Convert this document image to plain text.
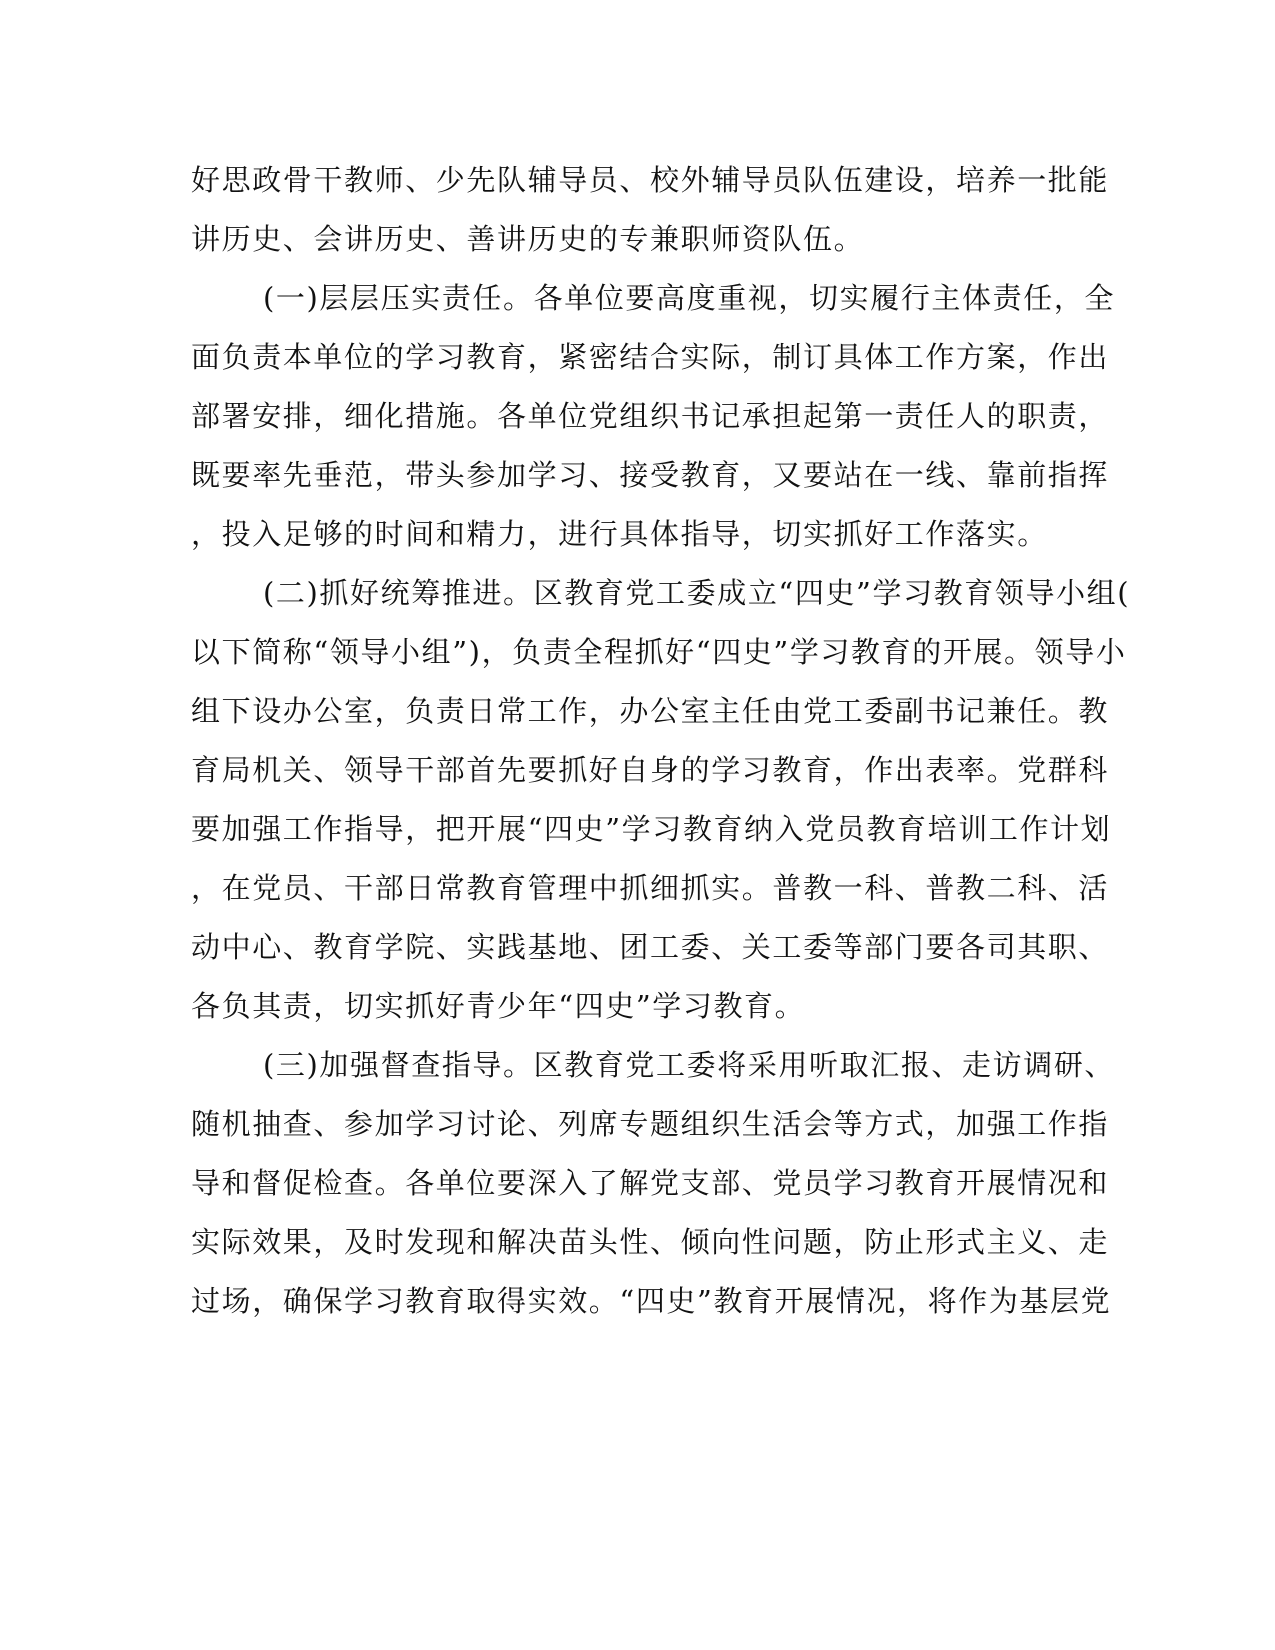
好思政骨干教师、少先队辅导员、校外辅导员队伍建设，培养一批能
讲历史、会讲历史、善讲历史的专兼职师资队伍。
(一)层层压实责任。各单位要高度重视，切实履行主体责任，全
面负责本单位的学习教育，紧密结合实际，制订具体工作方案，作出
部署安排，细化措施。各单位党组织书记承担起第一责任人的职责，
既要率先垂范，带头参加学习、接受教育，又要站在一线、靠前指挥
，投入足够的时间和精力，进行具体指导，切实抓好工作落实。
(二)抓好统筹推进。区教育党工委成立“四史”学习教育领导小组(
以下简称“领导小组”)，负责全程抓好“四史”学习教育的开展。领导小
组下设办公室，负责日常工作，办公室主任由党工委副书记兼任。教
育局机关、领导干部首先要抓好自身的学习教育，作出表率。党群科
要加强工作指导，把开展“四史”学习教育纳入党员教育培训工作计划
，在党员、干部日常教育管理中抓细抓实。普教一科、普教二科、活
动中心、教育学院、实践基地、团工委、关工委等部门要各司其职、
各负其责，切实抓好青少年“四史”学习教育。
(三)加强督查指导。区教育党工委将采用听取汇报、走访调研、
随机抽查、参加学习讨论、列席专题组织生活会等方式，加强工作指
导和督促检查。各单位要深入了解党支部、党员学习教育开展情况和
实际效果，及时发现和解决苗头性、倾向性问题，防止形式主义、走
过场，确保学习教育取得实效。“四史”教育开展情况，将作为基层党
